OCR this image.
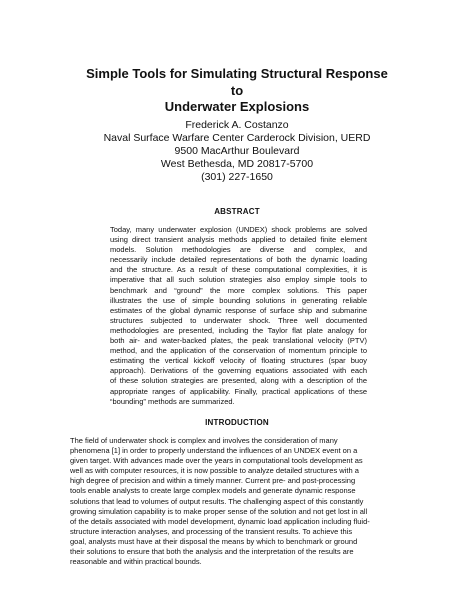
Simple Tools for Simulating Structural Response
to
Underwater Explosions
Frederick A. Costanzo
Naval Surface Warfare Center Carderock Division, UERD
9500 MacArthur Boulevard
West Bethesda, MD 20817-5700
(301) 227-1650
ABSTRACT
Today, many underwater explosion (UNDEX) shock problems are solved
using direct transient analysis methods applied to detailed finite element
models. Solution methodologies are diverse and complex, and
necessarily include detailed representations of both the dynamic loading
and the structure. As a result of these computational complexities, it is
imperative that all such solution strategies also employ simple tools to
benchmark and “ground” the more complex solutions. This paper
illustrates the use of simple bounding solutions in generating reliable
estimates of the global dynamic response of surface ship and submarine
structures subjected to underwater shock. Three well documented
methodologies are presented, including the Taylor flat plate analogy for
both air- and water-backed plates, the peak translational velocity (PTV)
method, and the application of the conservation of momentum principle to
estimating the vertical kickoff velocity of floating structures (spar buoy
approach). Derivations of the governing equations associated with each
of these solution strategies are presented, along with a description of the
appropriate ranges of applicability. Finally, practical applications of these
“bounding” methods are summarized.
INTRODUCTION
The field of underwater shock is complex and involves the consideration of many
phenomena [1] in order to properly understand the influences of an UNDEX event on a
given target. With advances made over the years in computational tools development as
well as with computer resources, it is now possible to analyze detailed structures with a
high degree of precision and within a timely manner. Current pre- and post-processing
tools enable analysts to create large complex models and generate dynamic response
solutions that lead to volumes of output results. The challenging aspect of this constantly
growing simulation capability is to make proper sense of the solution and not get lost in all
of the details associated with model development, dynamic load application including fluid-
structure interaction analyses, and processing of the transient results. To achieve this
goal, analysts must have at their disposal the means by which to benchmark or ground
their solutions to ensure that both the analysis and the interpretation of the results are
reasonable and within practical bounds.
